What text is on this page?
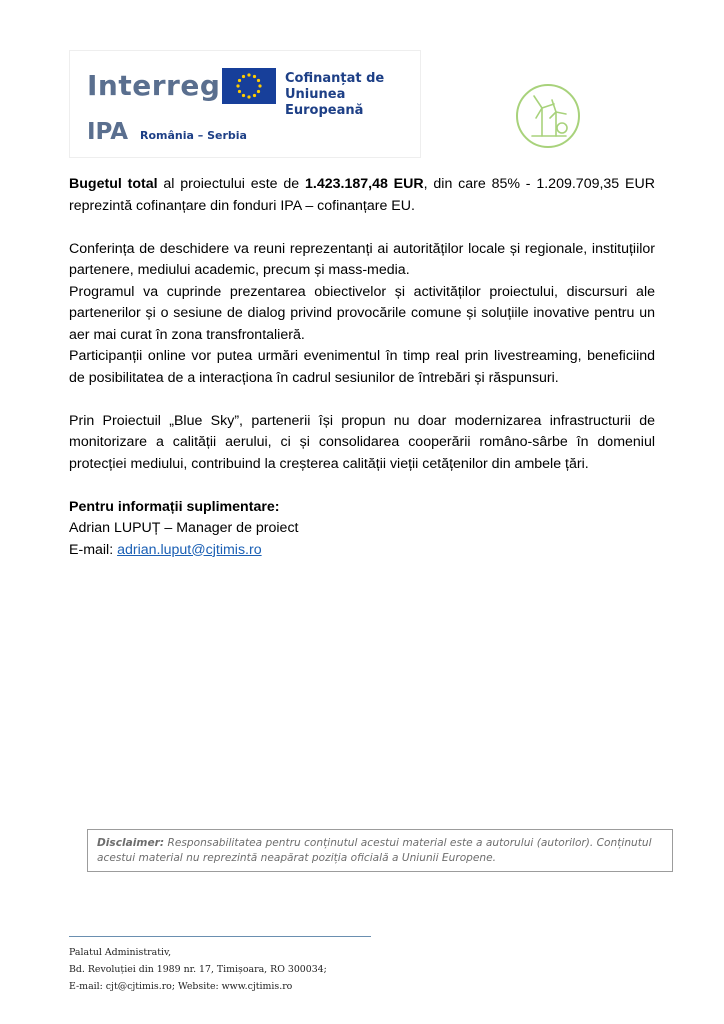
Interreg	Cofinanțat de
Uniunea Europeană
IPA România – Serbia

Bugetul total al proiectului este de 1.423.187,48 EUR, din care 85% - 1.209.709,35 EUR reprezintă cofinanțare din fonduri IPA – cofinanțare EU.

Conferința de deschidere va reuni reprezentanți ai autorităților locale și regionale, instituțiilor partenere, mediului academic, precum și mass-media.

Programul va cuprinde prezentarea obiectivelor și activităților proiectului, discursuri ale partenerilor și o sesiune de dialog privind provocările comune și soluțiile inovative pentru un aer mai curat în zona transfrontalieră.

Participanții online vor putea urmări evenimentul în timp real prin livestreaming, beneficiind de posibilitatea de a interacționa în cadrul sesiunilor de întrebări și răspunsuri.

Prin Proiectuil „Blue Sky”, partenerii își propun nu doar modernizarea infrastructurii de monitorizare a calității aerului, ci și consolidarea cooperării româno-sârbe în domeniul protecției mediului, contribuind la creșterea calității vieții cetățenilor din ambele țări.

Pentru informații suplimentare:

Adrian LUPUȚ – Manager de proiect

E-mail: adrian.luput@cjtimis.ro

Disclaimer: Responsabilitatea pentru conținutul acestui material este a autorului (autorilor). Conținutul acestui material nu reprezintă neapărat poziția oficială a Uniunii Europene.
Palatul Administrativ,
Bd. Revoluției din 1989 nr. 17, Timișoara, RO 300034;
E-mail: cjt@cjtimis.ro; Website: www.cjtimis.ro
